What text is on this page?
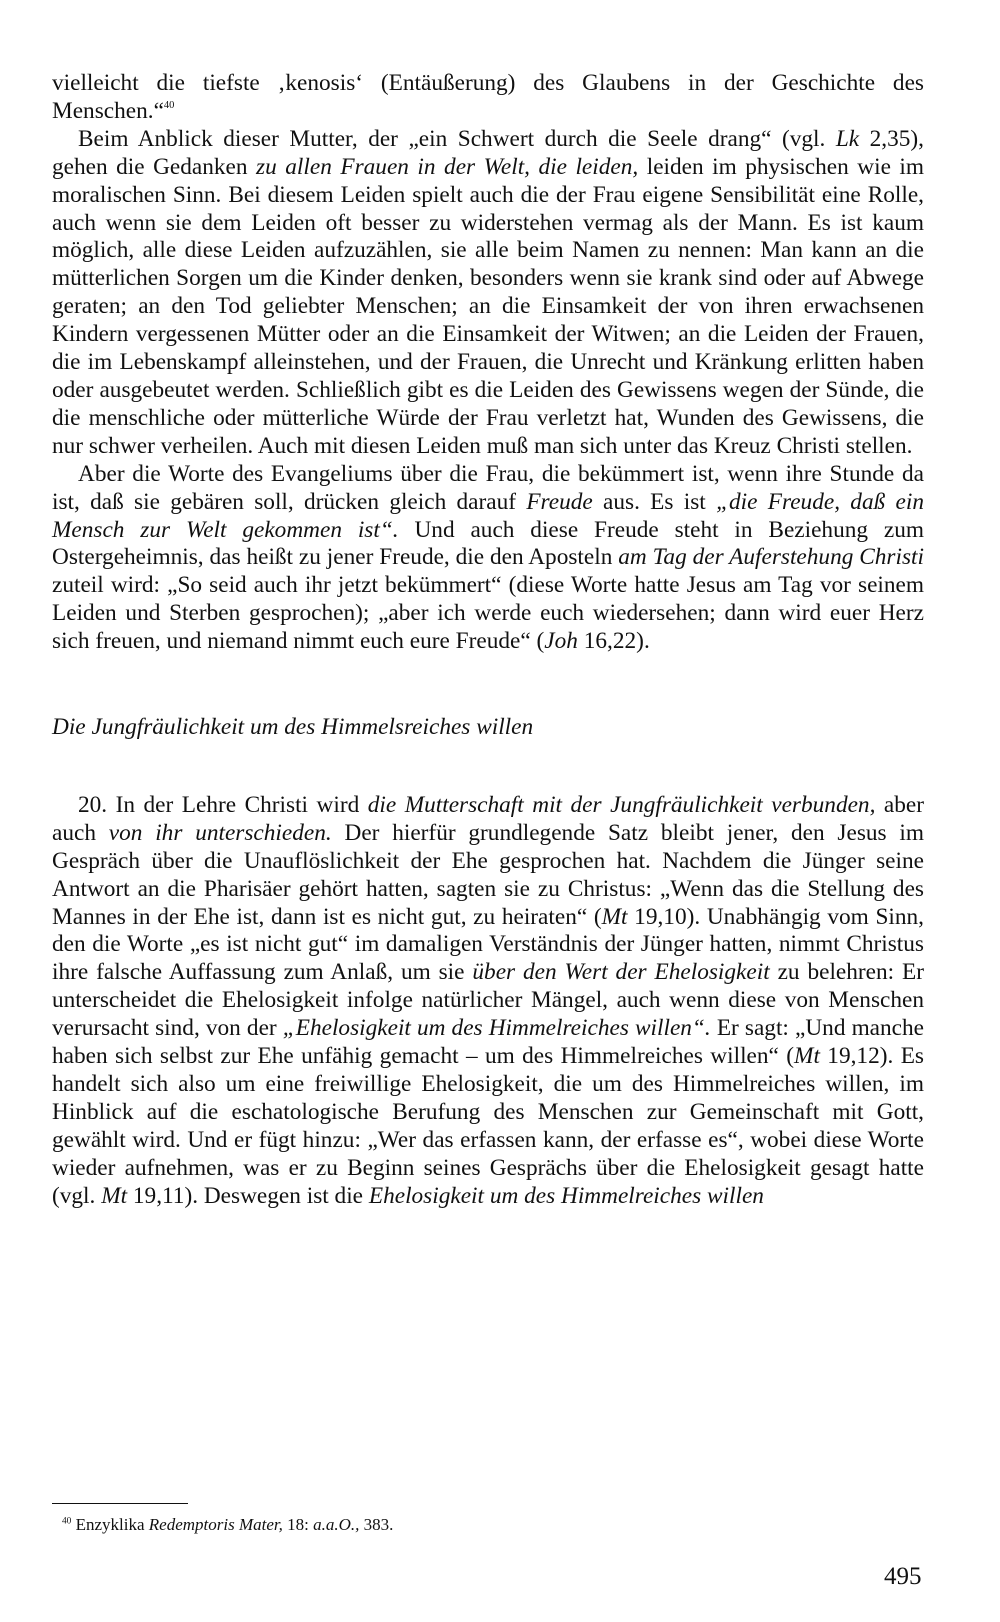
vielleicht die tiefste ‚kenosis‘ (Entäußerung) des Glaubens in der Geschichte des Menschen.“$^{40}$

Beim Anblick dieser Mutter, der „ein Schwert durch die Seele drang“ (vgl. Lk 2,35), gehen die Gedanken zu allen Frauen in der Welt, die leiden, leiden im physischen wie im moralischen Sinn. Bei diesem Leiden spielt auch die der Frau eigene Sensibilität eine Rolle, auch wenn sie dem Leiden oft besser zu widerstehen vermag als der Mann. Es ist kaum möglich, alle diese Leiden aufzuzählen, sie alle beim Namen zu nennen: Man kann an die mütterlichen Sorgen um die Kinder denken, besonders wenn sie krank sind oder auf Abwege geraten; an den Tod geliebter Menschen; an die Einsamkeit der von ihren erwachsenen Kindern vergessenen Mütter oder an die Einsamkeit der Witwen; an die Leiden der Frauen, die im Lebenskampf alleinstehen, und der Frauen, die Unrecht und Kränkung erlitten haben oder ausgebeutet werden. Schließlich gibt es die Leiden des Gewissens wegen der Sünde, die die menschliche oder mütterliche Würde der Frau verletzt hat, Wunden des Gewissens, die nur schwer verheilen. Auch mit diesen Leiden muß man sich unter das Kreuz Christi stellen.

Aber die Worte des Evangeliums über die Frau, die bekümmert ist, wenn ihre Stunde da ist, daß sie gebären soll, drücken gleich darauf Freude aus. Es ist „die Freude, daß ein Mensch zur Welt gekommen ist“. Und auch diese Freude steht in Beziehung zum Ostergeheimnis, das heißt zu jener Freude, die den Aposteln am Tag der Auferstehung Christi zuteil wird: „So seid auch ihr jetzt bekümmert“ (diese Worte hatte Jesus am Tag vor seinem Leiden und Sterben gesprochen); „aber ich werde euch wiedersehen; dann wird euer Herz sich freuen, und niemand nimmt euch eure Freude“ (Joh 16,22).

Die Jungfräulichkeit um des Himmelsreiches willen

20. In der Lehre Christi wird die Mutterschaft mit der Jungfräulichkeit verbunden, aber auch von ihr unterschieden. Der hierfür grundlegende Satz bleibt jener, den Jesus im Gespräch über die Unauflöslichkeit der Ehe gesprochen hat. Nachdem die Jünger seine Antwort an die Pharisäer gehört hatten, sagten sie zu Christus: „Wenn das die Stellung des Mannes in der Ehe ist, dann ist es nicht gut, zu heiraten“ (Mt 19,10). Unabhängig vom Sinn, den die Worte „es ist nicht gut“ im damaligen Verständnis der Jünger hatten, nimmt Christus ihre falsche Auffassung zum Anlaß, um sie über den Wert der Ehelosigkeit zu belehren: Er unterscheidet die Ehelosigkeit infolge natürlicher Mängel, auch wenn diese von Menschen verursacht sind, von der „Ehelosigkeit um des Himmelreiches willen“. Er sagt: „Und manche haben sich selbst zur Ehe unfähig gemacht – um des Himmelreiches willen“ (Mt 19,12). Es handelt sich also um eine freiwillige Ehelosigkeit, die um des Himmelreiches willen, im Hinblick auf die eschatologische Berufung des Menschen zur Gemeinschaft mit Gott, gewählt wird. Und er fügt hinzu: „Wer das erfassen kann, der erfasse es“, wobei diese Worte wieder aufnehmen, was er zu Beginn seines Gesprächs über die Ehelosigkeit gesagt hatte (vgl. Mt 19,11). Deswegen ist die Ehelosigkeit um des Himmelreiches willen

$^{40}$ Enzyklika Redemptoris Mater, 18: a.a.O., 383.
495
